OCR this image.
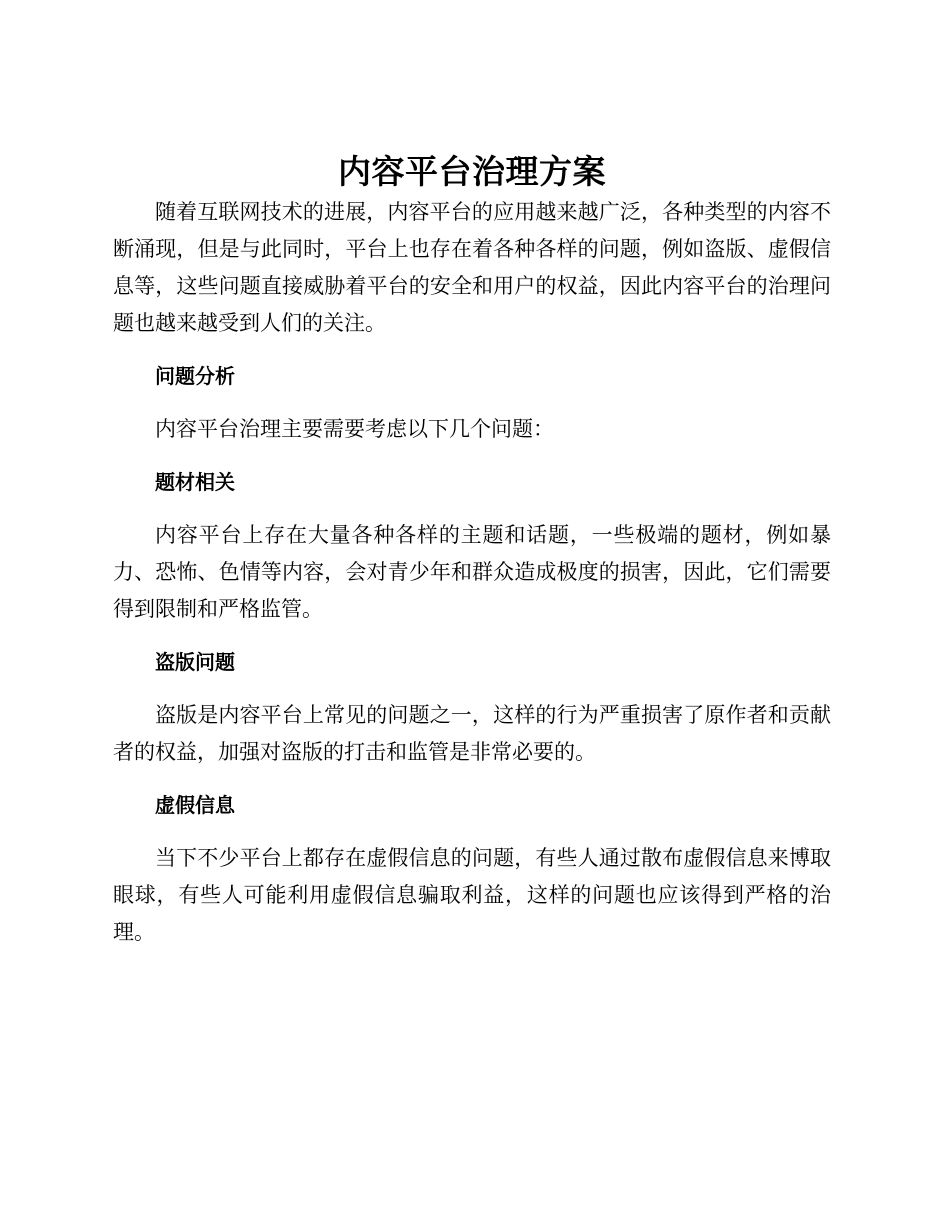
内容平台治理方案

随着互联网技术的进展，内容平台的应用越来越广泛，各种类型的内容不断涌现，但是与此同时，平台上也存在着各种各样的问题，例如盗版、虚假信息等，这些问题直接威胁着平台的安全和用户的权益，因此内容平台的治理问题也越来越受到人们的关注。

问题分析

内容平台治理主要需要考虑以下几个问题：

题材相关

内容平台上存在大量各种各样的主题和话题，一些极端的题材，例如暴力、恐怖、色情等内容，会对青少年和群众造成极度的损害，因此，它们需要得到限制和严格监管。

盗版问题

盗版是内容平台上常见的问题之一，这样的行为严重损害了原作者和贡献者的权益，加强对盗版的打击和监管是非常必要的。

虚假信息

当下不少平台上都存在虚假信息的问题，有些人通过散布虚假信息来博取眼球，有些人可能利用虚假信息骗取利益，这样的问题也应该得到严格的治理。
